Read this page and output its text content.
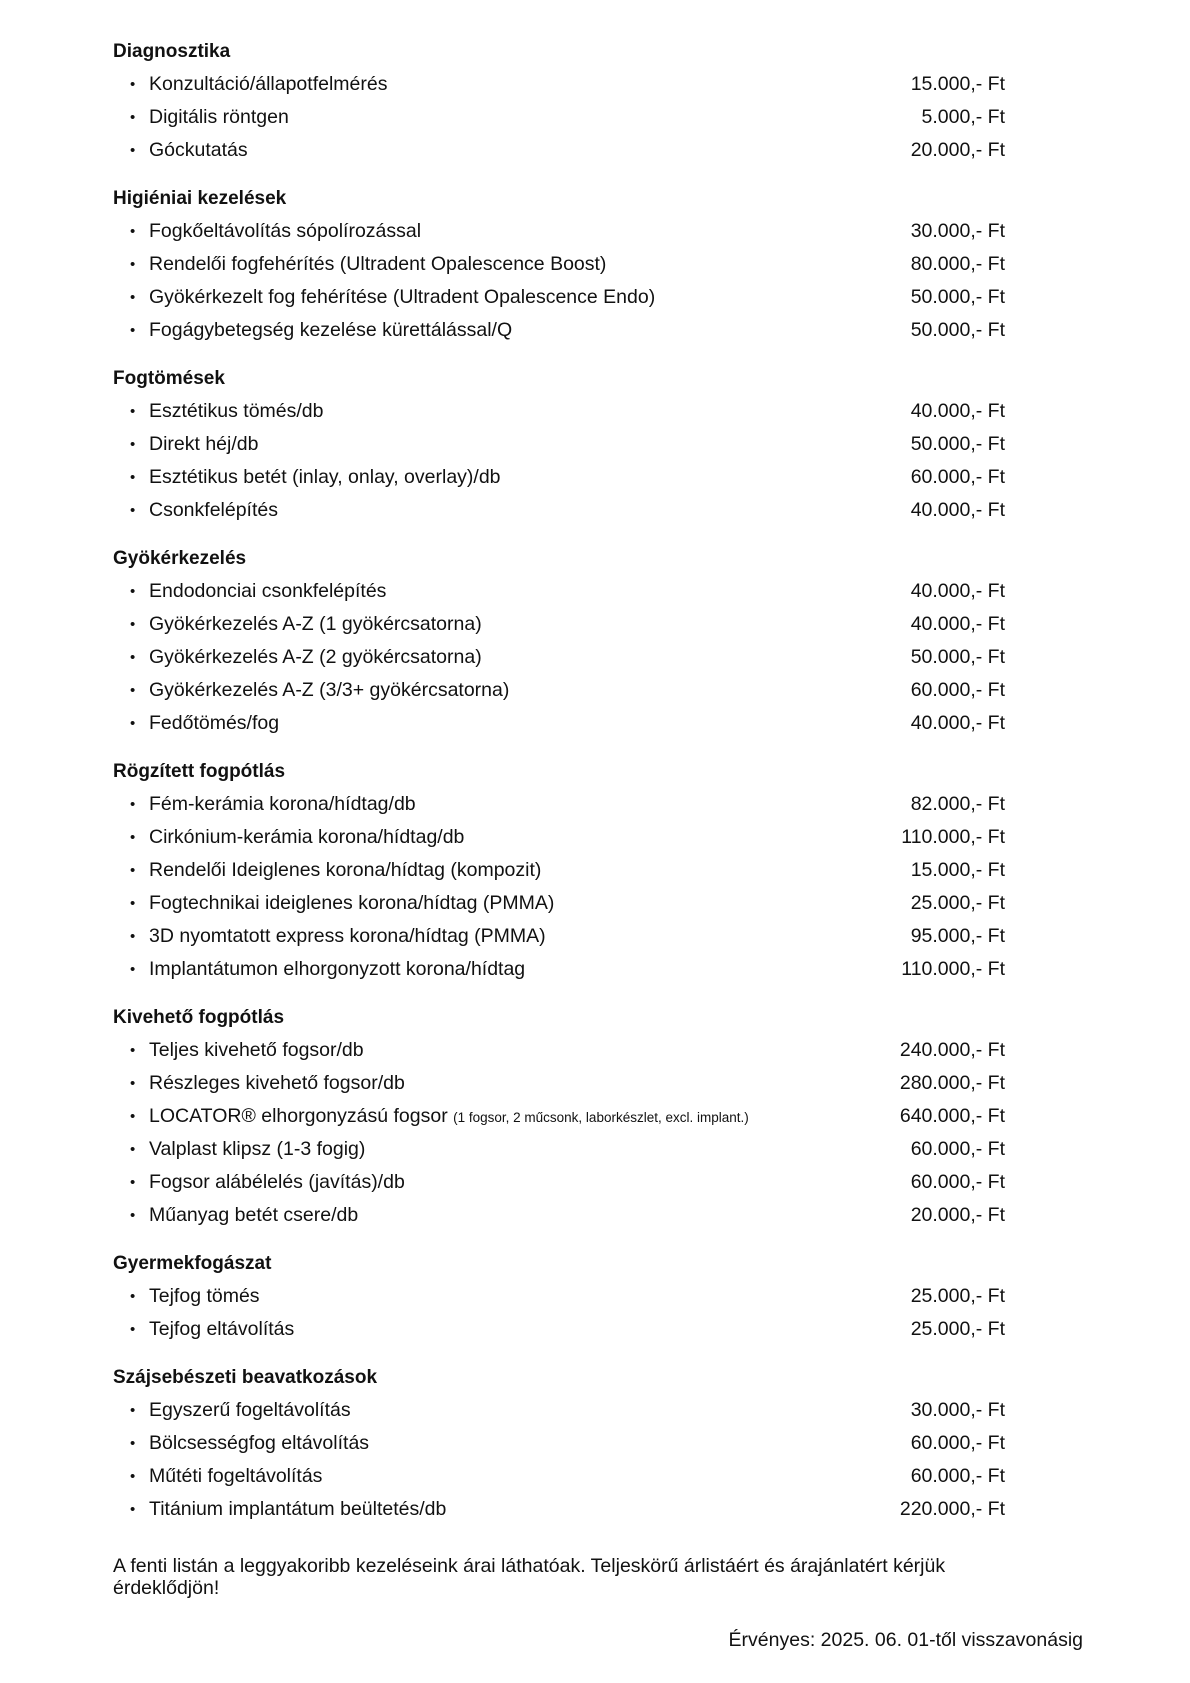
Diagnosztika
• Konzultáció/állapotfelmérés	15.000,- Ft
• Digitális röntgen	5.000,- Ft
• Góckutatás	20.000,- Ft
Higiéniai kezelések
• Fogkőeltávolítás sópolírozással	30.000,- Ft
• Rendelői fogfehérítés (Ultradent Opalescence Boost)	80.000,- Ft
• Gyökérkezelt fog fehérítése (Ultradent Opalescence Endo)	50.000,- Ft
• Fogágybetegség kezelése kürettálással/Q	50.000,- Ft
Fogtömések
• Esztétikus tömés/db	40.000,- Ft
• Direkt héj/db	50.000,- Ft
• Esztétikus betét (inlay, onlay, overlay)/db	60.000,- Ft
• Csonkfelépítés	40.000,- Ft
Gyökérkezelés
• Endodonciai csonkfelépítés	40.000,- Ft
• Gyökérkezelés A-Z (1 gyökércsatorna)	40.000,- Ft
• Gyökérkezelés A-Z (2 gyökércsatorna)	50.000,- Ft
• Gyökérkezelés A-Z (3/3+ gyökércsatorna)	60.000,- Ft
• Fedőtömés/fog	40.000,- Ft
Rögzített fogpótlás
• Fém-kerámia korona/hídtag/db	82.000,- Ft
• Cirkónium-kerámia korona/hídtag/db	110.000,- Ft
• Rendelői Ideiglenes korona/hídtag (kompozit)	15.000,- Ft
• Fogtechnikai ideiglenes korona/hídtag (PMMA)	25.000,- Ft
• 3D nyomtatott express korona/hídtag (PMMA)	95.000,- Ft
• Implantátumon elhorgonyzott korona/hídtag	110.000,- Ft
Kivehető fogpótlás
• Teljes kivehető fogsor/db	240.000,- Ft
• Részleges kivehető fogsor/db	280.000,- Ft
• LOCATOR® elhorgonyzású fogsor (1 fogsor, 2 műcsonk, laborkészlet, excl. implant.)	640.000,- Ft
• Valplast klipsz (1-3 fogig)	60.000,- Ft
• Fogsor alábélelés (javítás)/db	60.000,- Ft
• Műanyag betét csere/db	20.000,- Ft
Gyermekfogászat
• Tejfog tömés	25.000,- Ft
• Tejfog eltávolítás	25.000,- Ft
Szájsebészeti beavatkozások
• Egyszerű fogeltávolítás	30.000,- Ft
• Bölcsességfog eltávolítás	60.000,- Ft
• Műtéti fogeltávolítás	60.000,- Ft
• Titánium implantátum beültetés/db	220.000,- Ft

A fenti listán a leggyakoribb kezeléseink árai láthatóak. Teljeskörű árlistáért és árajánlatért kérjük érdeklődjön!

Érvényes: 2025. 06. 01-től visszavonásig
